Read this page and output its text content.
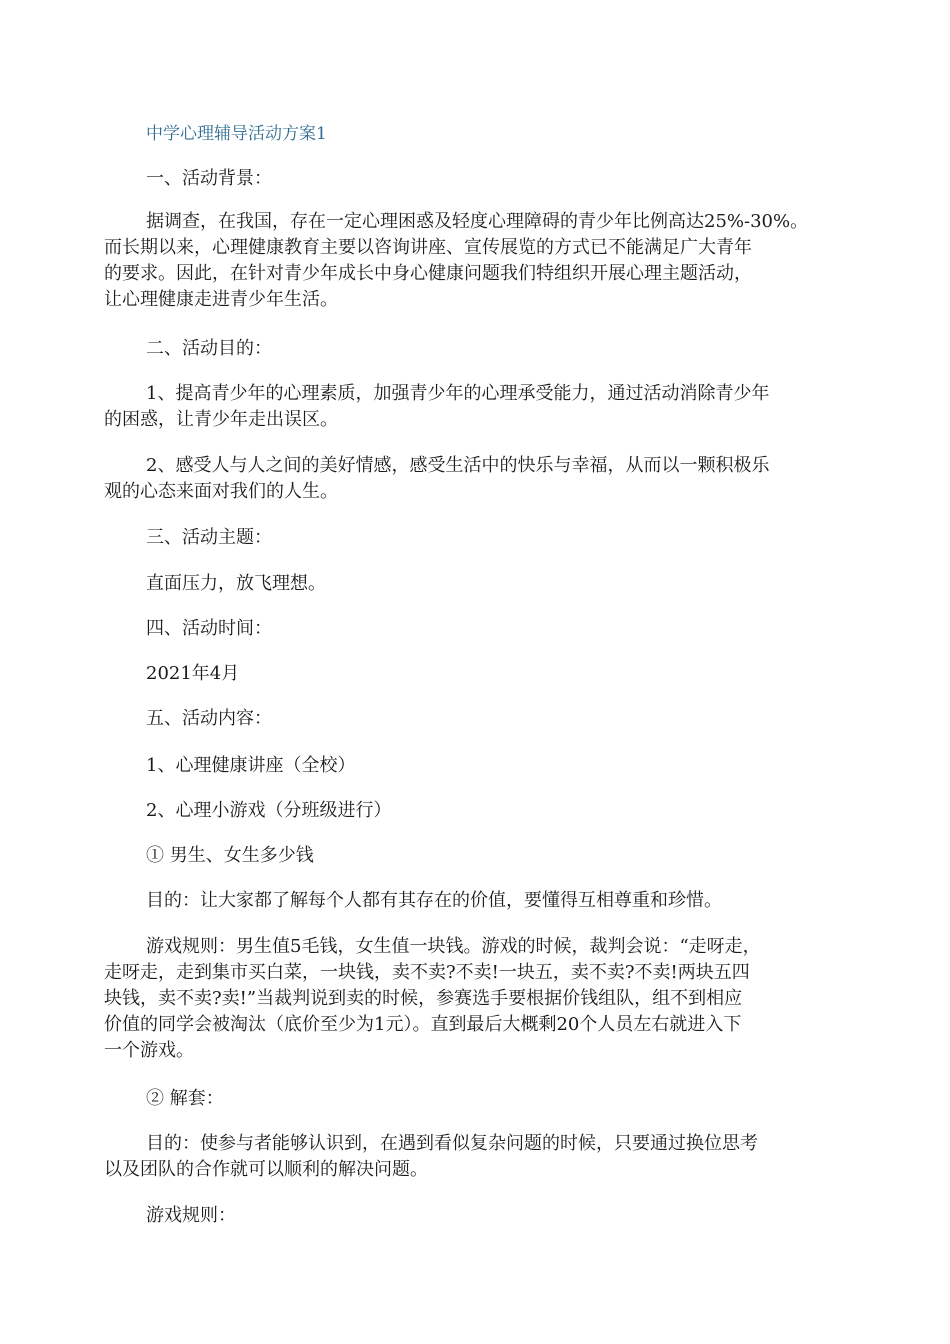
中学心理辅导活动方案1
一、活动背景：
据调查，在我国，存在一定心理困惑及轻度心理障碍的青少年比例高达25%-30%。
而长期以来，心理健康教育主要以咨询讲座、宣传展览的方式已不能满足广大青年
的要求。因此，在针对青少年成长中身心健康问题我们特组织开展心理主题活动，
让心理健康走进青少年生活。
二、活动目的：
1、提高青少年的心理素质，加强青少年的心理承受能力，通过活动消除青少年
的困惑，让青少年走出误区。
2、感受人与人之间的美好情感，感受生活中的快乐与幸福，从而以一颗积极乐
观的心态来面对我们的人生。
三、活动主题：
直面压力，放飞理想。
四、活动时间：
2021年4月
五、活动内容：
1、心理健康讲座（全校）
2、心理小游戏（分班级进行）
① 男生、女生多少钱
目的：让大家都了解每个人都有其存在的价值，要懂得互相尊重和珍惜。
游戏规则：男生值5毛钱，女生值一块钱。游戏的时候，裁判会说：“走呀走，
走呀走，走到集市买白菜，一块钱，卖不卖?不卖!一块五，卖不卖?不卖!两块五四
块钱，卖不卖?卖!”当裁判说到卖的时候，参赛选手要根据价钱组队，组不到相应
价值的同学会被淘汰（底价至少为1元）。直到最后大概剩20个人员左右就进入下
一个游戏。
② 解套：
目的：使参与者能够认识到，在遇到看似复杂问题的时候，只要通过换位思考
以及团队的合作就可以顺利的解决问题。
游戏规则：
